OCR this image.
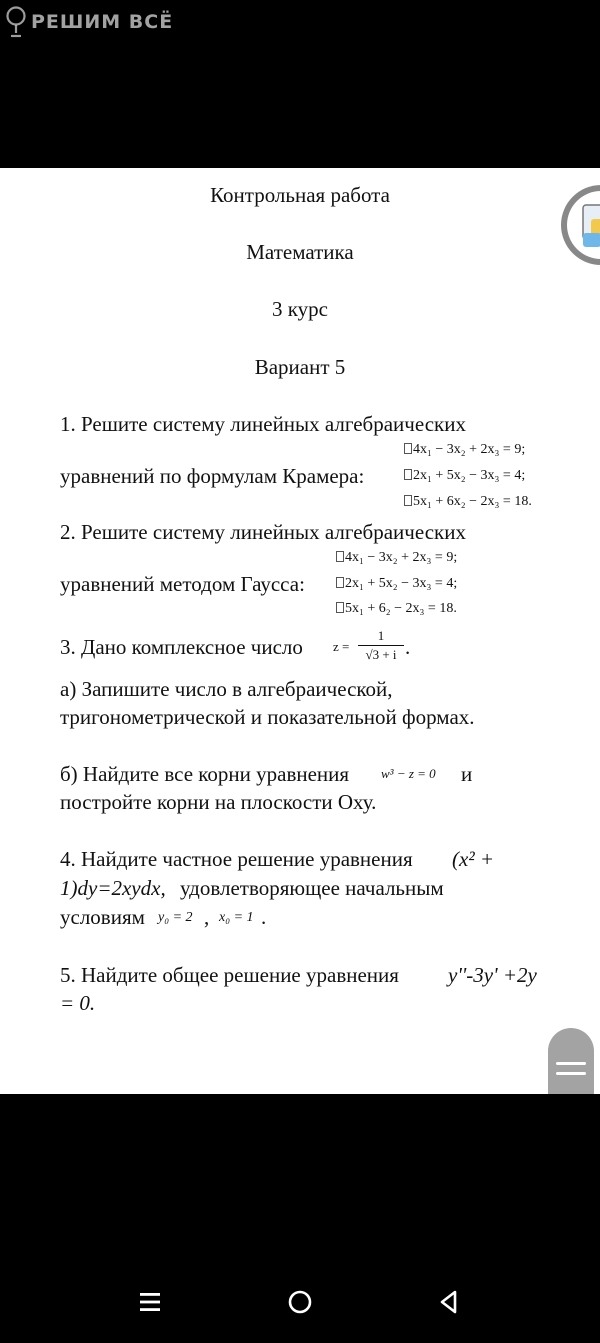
РЕШИМ ВСЁ
Контрольная работа
Математика
3 курс
Вариант 5
1. Решите систему линейных алгебраических
уравнений по формулам Крамера:
4x₁ − 3x₂ + 2x₃ = 9;
2x₁ + 5x₂ − 3x₃ = 4;
5x₁ + 6x₂ − 2x₃ = 18.
2. Решите систему линейных алгебраических
уравнений методом Гаусса:
4x₁ − 3x₂ + 2x₃ = 9;
2x₁ + 5x₂ − 3x₃ = 4;
5x₁ + 6₂ − 2x₃ = 18.
3. Дано комплексное число z =
1
√3 + i .
а) Запишите число в алгебраической,
тригонометрической и показательной формах.
б) Найдите все корни уравнения w³ − z = 0 и
постройте корни на плоскости Оху.
4. Найдите частное решение уравнения (x² +
1)dy=2xydx, удовлетворяющее начальным
условиям y₀ = 2 , x₀ = 1 .
5. Найдите общее решение уравнения y''-3y' +2y
= 0.
